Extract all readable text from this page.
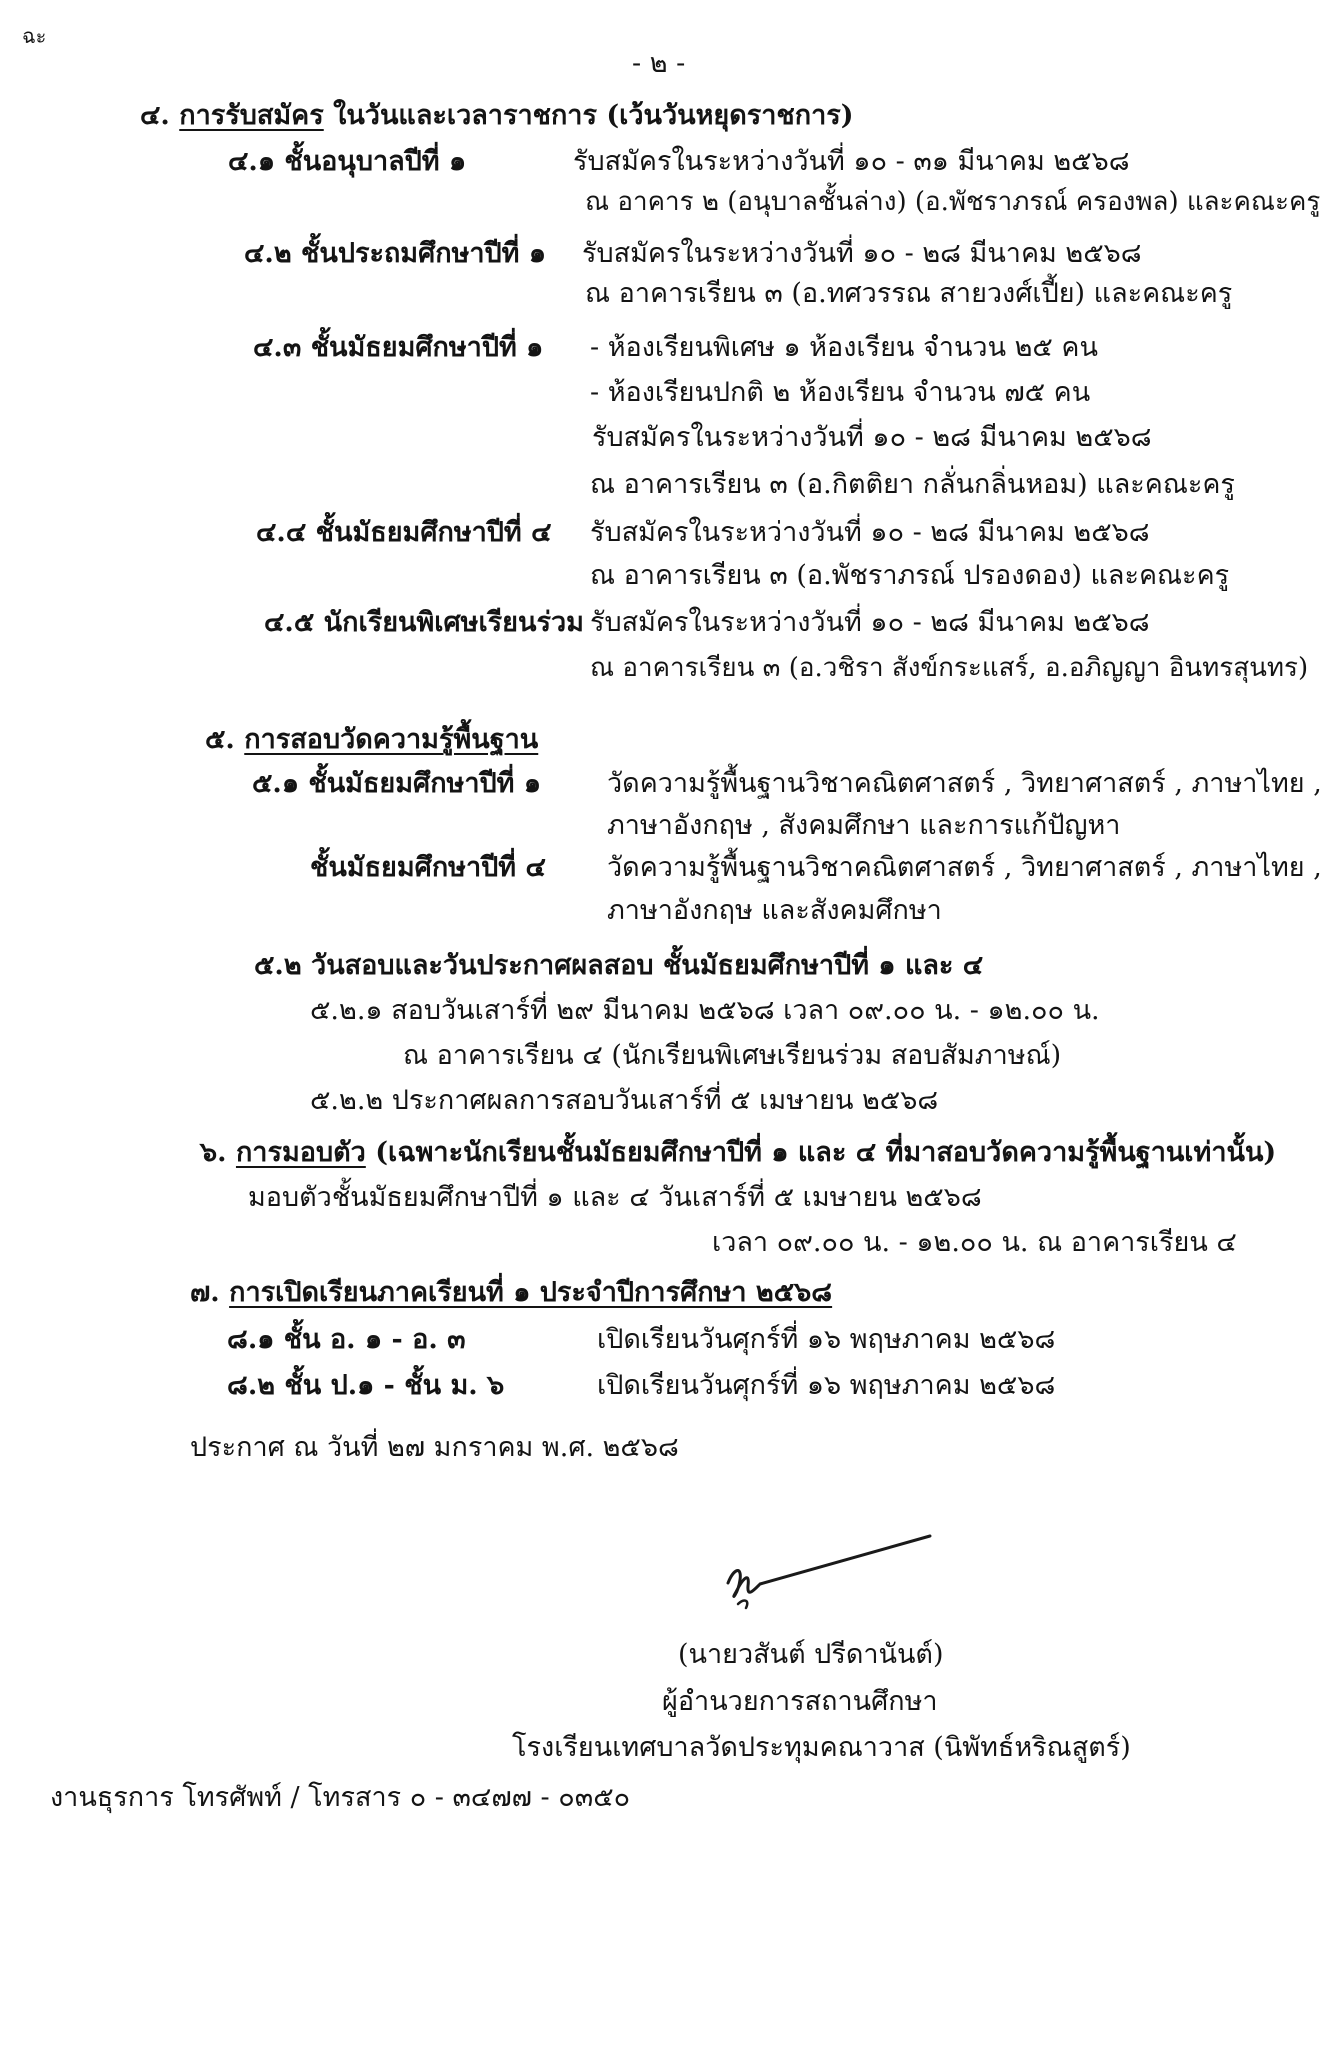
ฉะ
- ๒ -
๔. การรับสมัคร ในวันและเวลาราชการ (เว้นวันหยุดราชการ)
๔.๑ ชั้นอนุบาลปีที่ ๑	รับสมัครในระหว่างวันที่ ๑๐ - ๓๑ มีนาคม ๒๕๖๘
ณ อาคาร ๒ (อนุบาลชั้นล่าง) (อ.พัชราภรณ์ ครองพล) และคณะครู
๔.๒ ชั้นประถมศึกษาปีที่ ๑ รับสมัครในระหว่างวันที่ ๑๐ - ๒๘ มีนาคม ๒๕๖๘
ณ อาคารเรียน ๓ (อ.ทศวรรณ สายวงศ์เปี้ย) และคณะครู
๔.๓ ชั้นมัธยมศึกษาปีที่ ๑ - ห้องเรียนพิเศษ ๑ ห้องเรียน จำนวน ๒๕ คน
- ห้องเรียนปกติ ๒ ห้องเรียน จำนวน ๗๕ คน
รับสมัครในระหว่างวันที่ ๑๐ - ๒๘ มีนาคม ๒๕๖๘
ณ อาคารเรียน ๓ (อ.กิตติยา กลั่นกลิ่นหอม) และคณะครู
๔.๔ ชั้นมัธยมศึกษาปีที่ ๔ รับสมัครในระหว่างวันที่ ๑๐ - ๒๘ มีนาคม ๒๕๖๘
ณ อาคารเรียน ๓ (อ.พัชราภรณ์ ปรองดอง) และคณะครู
๔.๕ นักเรียนพิเศษเรียนร่วม รับสมัครในระหว่างวันที่ ๑๐ - ๒๘ มีนาคม ๒๕๖๘
ณ อาคารเรียน ๓ (อ.วชิรา สังข์กระแสร์, อ.อภิญญา อินทรสุนทร)
๕. การสอบวัดความรู้พื้นฐาน
๕.๑ ชั้นมัธยมศึกษาปีที่ ๑ วัดความรู้พื้นฐานวิชาคณิตศาสตร์ , วิทยาศาสตร์ , ภาษาไทย ,
ภาษาอังกฤษ , สังคมศึกษา และการแก้ปัญหา
ชั้นมัธยมศึกษาปีที่ ๔ วัดความรู้พื้นฐานวิชาคณิตศาสตร์ , วิทยาศาสตร์ , ภาษาไทย ,
ภาษาอังกฤษ และสังคมศึกษา
๕.๒ วันสอบและวันประกาศผลสอบ ชั้นมัธยมศึกษาปีที่ ๑ และ ๔
๕.๒.๑ สอบวันเสาร์ที่ ๒๙ มีนาคม ๒๕๖๘ เวลา ๐๙.๐๐ น. - ๑๒.๐๐ น.
ณ อาคารเรียน ๔ (นักเรียนพิเศษเรียนร่วม สอบสัมภาษณ์)
๕.๒.๒ ประกาศผลการสอบวันเสาร์ที่ ๕ เมษายน ๒๕๖๘
๖. การมอบตัว (เฉพาะนักเรียนชั้นมัธยมศึกษาปีที่ ๑ และ ๔ ที่มาสอบวัดความรู้พื้นฐานเท่านั้น)
มอบตัวชั้นมัธยมศึกษาปีที่ ๑ และ ๔ วันเสาร์ที่ ๕ เมษายน ๒๕๖๘
เวลา ๐๙.๐๐ น. - ๑๒.๐๐ น. ณ อาคารเรียน ๔
๗. การเปิดเรียนภาคเรียนที่ ๑ ประจำปีการศึกษา ๒๕๖๘
๘.๑ ชั้น อ. ๑ - อ. ๓	เปิดเรียนวันศุกร์ที่ ๑๖ พฤษภาคม ๒๕๖๘
๘.๒ ชั้น ป.๑ - ชั้น ม. ๖	เปิดเรียนวันศุกร์ที่ ๑๖ พฤษภาคม ๒๕๖๘
ประกาศ ณ วันที่ ๒๗ มกราคม พ.ศ. ๒๕๖๘
(นายวสันต์ ปรีดานันต์)
ผู้อำนวยการสถานศึกษา
โรงเรียนเทศบาลวัดประทุมคณาวาส (นิพัทธ์หริณสูตร์)
งานธุรการ โทรศัพท์ / โทรสาร ๐ - ๓๔๗๗ - ๐๓๕๐
